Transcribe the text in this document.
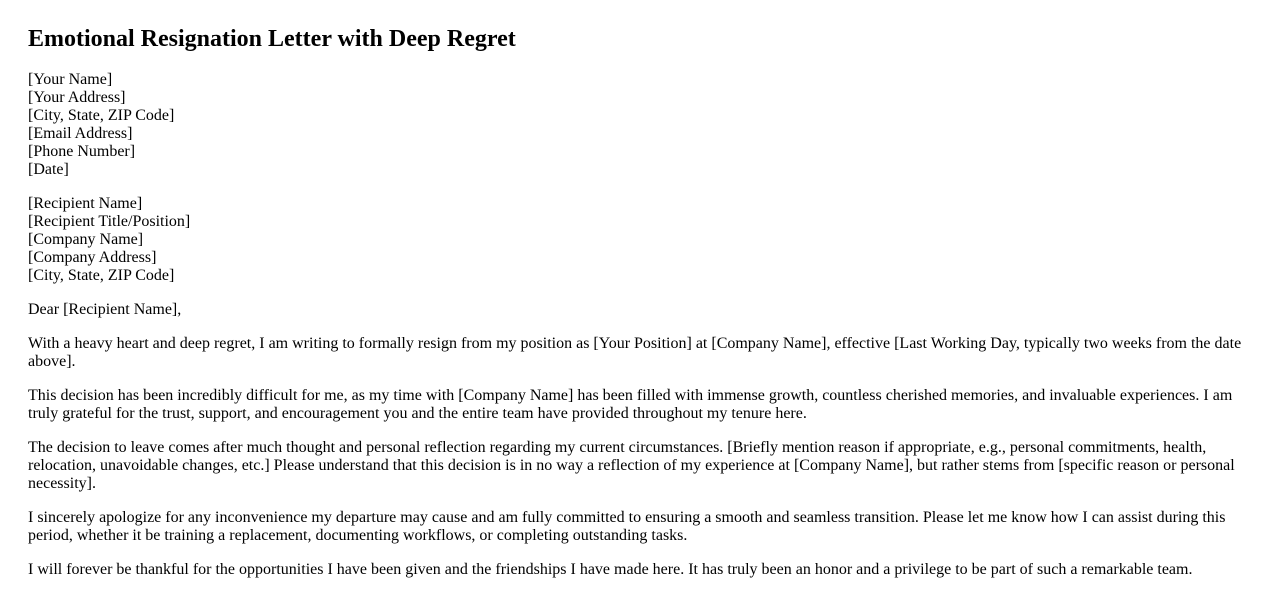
Emotional Resignation Letter with Deep Regret
[Your Name]
[Your Address]
[City, State, ZIP Code]
[Email Address]
[Phone Number]
[Date]
[Recipient Name]
[Recipient Title/Position]
[Company Name]
[Company Address]
[City, State, ZIP Code]

Dear [Recipient Name],

With a heavy heart and deep regret, I am writing to formally resign from my position as [Your Position] at [Company Name], effective [Last Working Day, typically two weeks from the date above].

This decision has been incredibly difficult for me, as my time with [Company Name] has been filled with immense growth, countless cherished memories, and invaluable experiences. I am truly grateful for the trust, support, and encouragement you and the entire team have provided throughout my tenure here.

The decision to leave comes after much thought and personal reflection regarding my current circumstances. [Briefly mention reason if appropriate, e.g., personal commitments, health, relocation, unavoidable changes, etc.] Please understand that this decision is in no way a reflection of my experience at [Company Name], but rather stems from [specific reason or personal necessity].

I sincerely apologize for any inconvenience my departure may cause and am fully committed to ensuring a smooth and seamless transition. Please let me know how I can assist during this period, whether it be training a replacement, documenting workflows, or completing outstanding tasks.

I will forever be thankful for the opportunities I have been given and the friendships I have made here. It has truly been an honor and a privilege to be part of such a remarkable team.
